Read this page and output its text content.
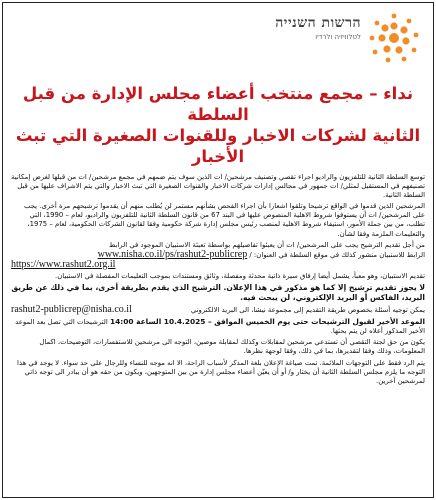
הרשות השנייה
לטלוויזיה ולרדיו
نداء – مجمع منتخب أعضاء مجلس الإدارة من قبل السلطة
الثانية لشركات الاخبار وللقنوات الصغيرة التي تبث الأخبار

توسع السلطة الثانية للتلفزيون والراديو اجراء تقصي وتصنيف مرشحين/ ات الذين سوف يتم ضمهم في مجمع مرشحين/ ات من قبلها لغرض إمكانية تصنيفهم في المستقبل لمثلي/ ات جمهور في مجالس إدارات شركات الاخبار والقنوات الصغيرة التي تبث الاخبار والتي يتم الاشراف عليها من قبل السلطة الثانية.

المرشحين الذين قدموا في الواقع ترشيحا وتلقوا اشعارا بأن اجراء الفحص بشأنهم مستمر لن يُطلب منهم أن يقدموا ترشيحهم مرة أخرى. يجب على المرشحين/ ات أن يستوفوا شروط الاهلية المنصوص عليها في البند 67 من قانون السلطة الثانية للتلفزيون والراديو، لعام – 1990، التي تطلب، من بين جملة الأمور، استيفاء شروط الاهلية لمنصب رئيس مجلس إدارة شركة حكومية وفقا لقانون الشركات الحكومية، لعام – 1975، والتعليمات الملزمة وفقا لشأن.

من أجل تقديم الترشيح يجب على المرشحين/ ات أن يعبئوا تفاصيلهم بواسطة تعبئة الاستبيان الموجود في الرابط
الرابط للاستبيان منشور كذلك في موقع السلطة في العنوان: /

www.nisha.co.il/ps/rashut2-publicrep
https://www.rashut2.org.il

تقديم الاستبيان، وهو معبأ، يشمل أيضا إرفاق سيرة ذاتية محدثة ومفصلة، وثائق ومستندات بموجب التعليمات المفصلة في الاستبيان.

لا يجوز تقديم ترشيح إلا كما هو مذكور في هذا الإعلان. الترشيح الذي يقدم بطريقة أخرى، بما في ذلك عن طريق البريد، الفاكس أو البريد الإلكتروني، لن يبحث فيه.

يمكن توجيه أسئلة بخصوص طريقة التقديم إلى مجموعة نيشا، الى البريد الالكتروني
rashut2-publicrep@nisha.co.il

الموعد الأخير لقبول الترشيحات حتى يوم الخميس الموافق – 10.4.2025 الساعة 14:00 الترشيحات التي تصل بعد الموعد الأخير المذكور أعلاه لن يتم بحثها.

يكون من حق لجنة التقصي أن تستدعي مرشحين لمقابلات وكذلك لمقابلة موصين، التوجه الى مرشحين للاستفسارات، التوضيحات، اكمال المعلومات، وذلك وفقا لتقديرها، بما في ذلك، وفقا لوجهة نظرها.

يتم الرد فقط على التوجهات الملائمة. تمت صياغة الإعلان بلغة المذكر لأسباب الراحة، الا انه موجه للنساء وللرجال على حد سواء. لا يوجد في هذا التوجه ما يلزم مجلس السلطة الثانية أن يختار و/ أو أن يعيّن أعضاء مجلس إدارة من بين المتوجهين، ويكون من حقه هو أن يبادر الى توجه ذاتي لمرشحين آخرين.
